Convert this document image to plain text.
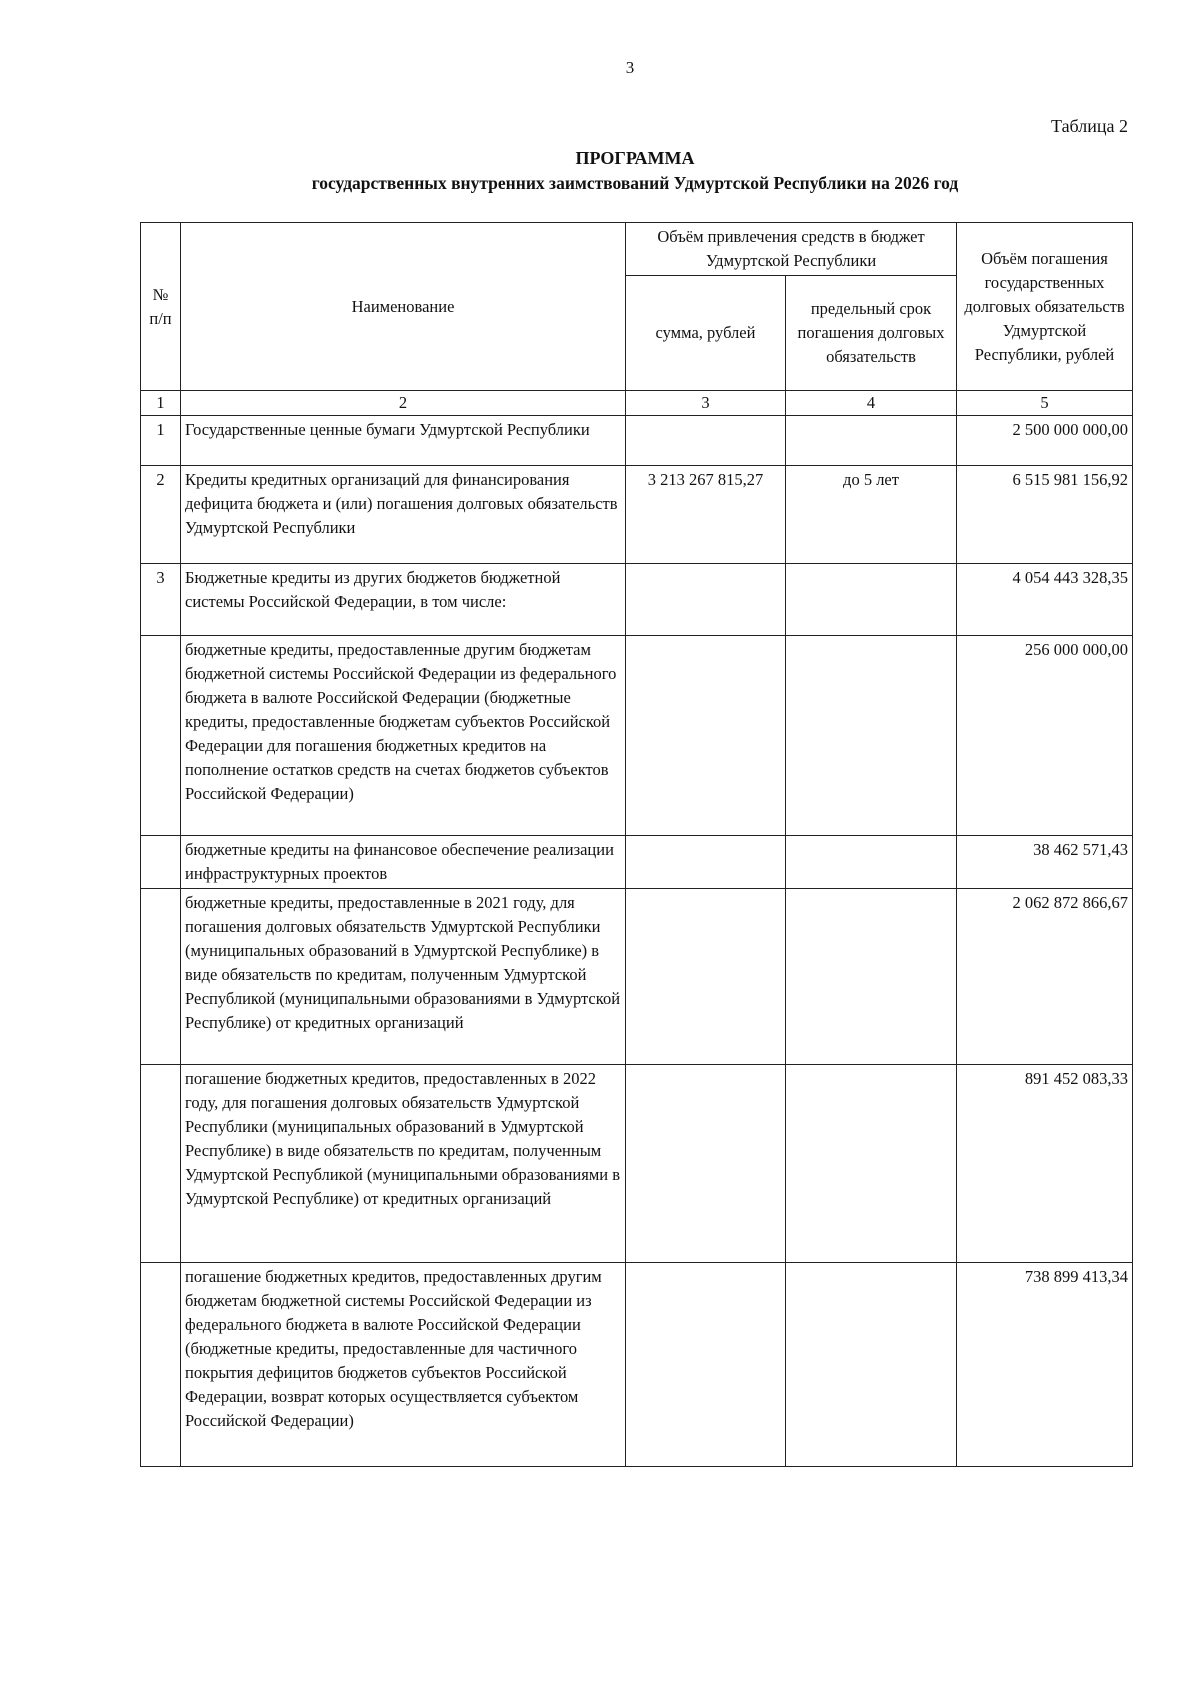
3
Таблица 2
ПРОГРАММА
государственных внутренних заимствований Удмуртской Республики на 2026 год
№ п/п	Наименование	Объём привлечения средств в бюджет Удмуртской Республики		Объём погашения государственных долговых обязательств Удмуртской Республики, рублей
		сумма, рублей	предельный срок погашения долговых обязательств	
1	2	3	4	5
1	Государственные ценные бумаги Удмуртской Республики			2 500 000 000,00
2	Кредиты кредитных организаций для финансирования дефицита бюджета и (или) погашения долговых обязательств Удмуртской Республики	3 213 267 815,27	до 5 лет	6 515 981 156,92
3	Бюджетные кредиты из других бюджетов бюджетной системы Российской Федерации, в том числе:			4 054 443 328,35
	бюджетные кредиты, предоставленные другим бюджетам бюджетной системы Российской Федерации из федерального бюджета в валюте Российской Федерации (бюджетные кредиты, предоставленные бюджетам субъектов Российской Федерации для погашения бюджетных кредитов на пополнение остатков средств на счетах бюджетов субъектов Российской Федерации)			256 000 000,00
	бюджетные кредиты на финансовое обеспечение реализации инфраструктурных проектов			38 462 571,43
	бюджетные кредиты, предоставленные в 2021 году, для погашения долговых обязательств Удмуртской Республики (муниципальных образований в Удмуртской Республике) в виде обязательств по кредитам, полученным Удмуртской Республикой (муниципальными образованиями в Удмуртской Республике) от кредитных организаций			2 062 872 866,67
	погашение бюджетных кредитов, предоставленных в 2022 году, для погашения долговых обязательств Удмуртской Республики (муниципальных образований в Удмуртской Республике) в виде обязательств по кредитам, полученным Удмуртской Республикой (муниципальными образованиями в Удмуртской Республике) от кредитных организаций			891 452 083,33
	погашение бюджетных кредитов, предоставленных другим бюджетам бюджетной системы Российской Федерации из федерального бюджета в валюте Российской Федерации (бюджетные кредиты, предоставленные для частичного покрытия дефицитов бюджетов субъектов Российской Федерации, возврат которых осуществляется субъектом Российской Федерации)			738 899 413,34
